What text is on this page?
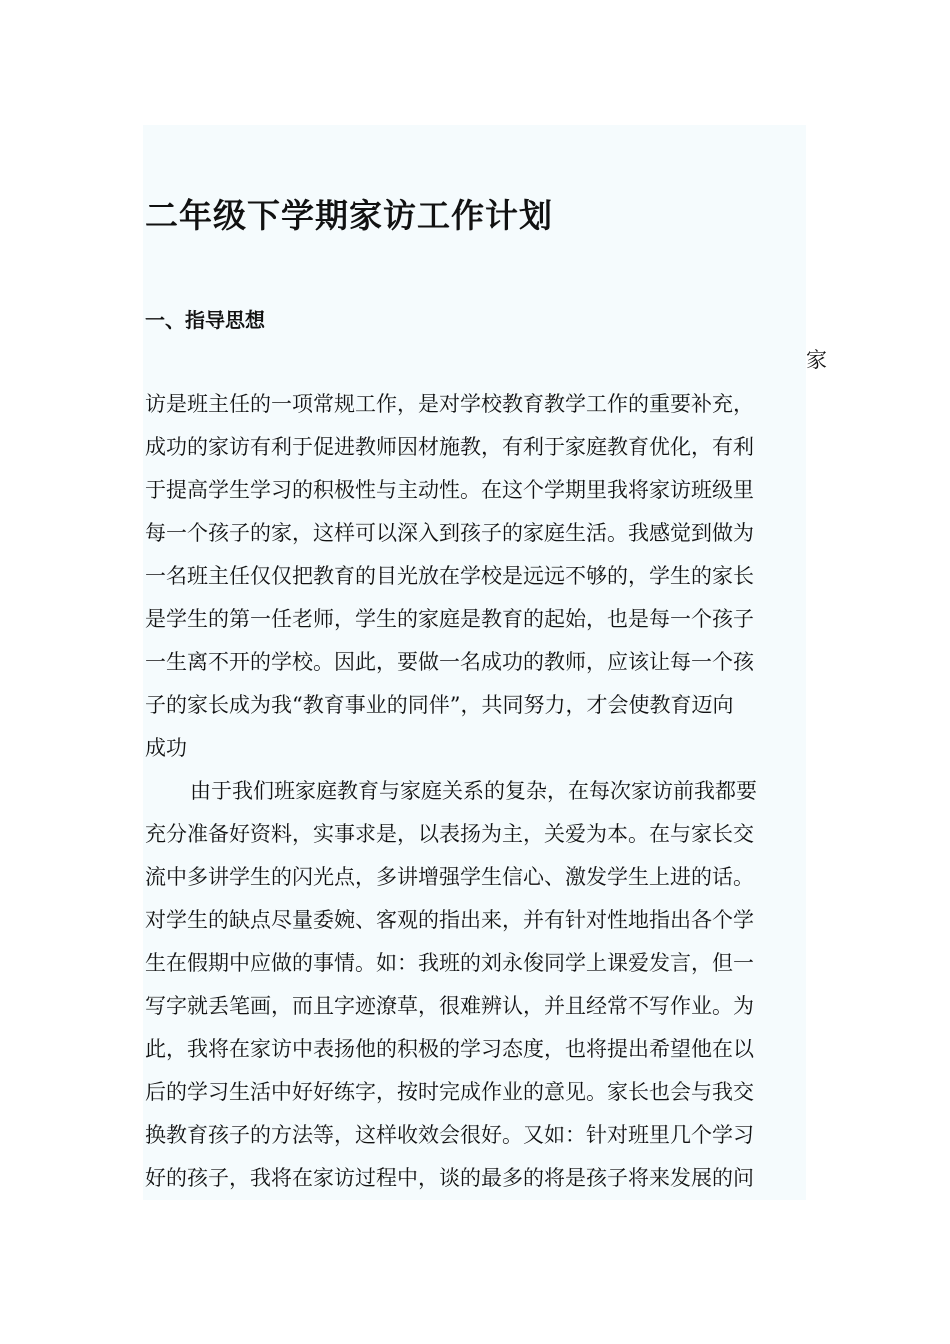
二年级下学期家访工作计划
一、指导思想
家
访是班主任的一项常规工作，是对学校教育教学工作的重要补充，
成功的家访有利于促进教师因材施教，有利于家庭教育优化，有利
于提高学生学习的积极性与主动性。在这个学期里我将家访班级里
每一个孩子的家，这样可以深入到孩子的家庭生活。我感觉到做为
一名班主任仅仅把教育的目光放在学校是远远不够的，学生的家长
是学生的第一任老师，学生的家庭是教育的起始，也是每一个孩子
一生离不开的学校。因此，要做一名成功的教师，应该让每一个孩
子的家长成为我“教育事业的同伴”，共同努力，才会使教育迈向
成功
由于我们班家庭教育与家庭关系的复杂，在每次家访前我都要
充分准备好资料，实事求是，以表扬为主，关爱为本。在与家长交
流中多讲学生的闪光点，多讲增强学生信心、激发学生上进的话。
对学生的缺点尽量委婉、客观的指出来，并有针对性地指出各个学
生在假期中应做的事情。如：我班的刘永俊同学上课爱发言，但一
写字就丢笔画，而且字迹潦草，很难辨认，并且经常不写作业。为
此，我将在家访中表扬他的积极的学习态度，也将提出希望他在以
后的学习生活中好好练字，按时完成作业的意见。家长也会与我交
换教育孩子的方法等，这样收效会很好。又如：针对班里几个学习
好的孩子，我将在家访过程中，谈的最多的将是孩子将来发展的问
